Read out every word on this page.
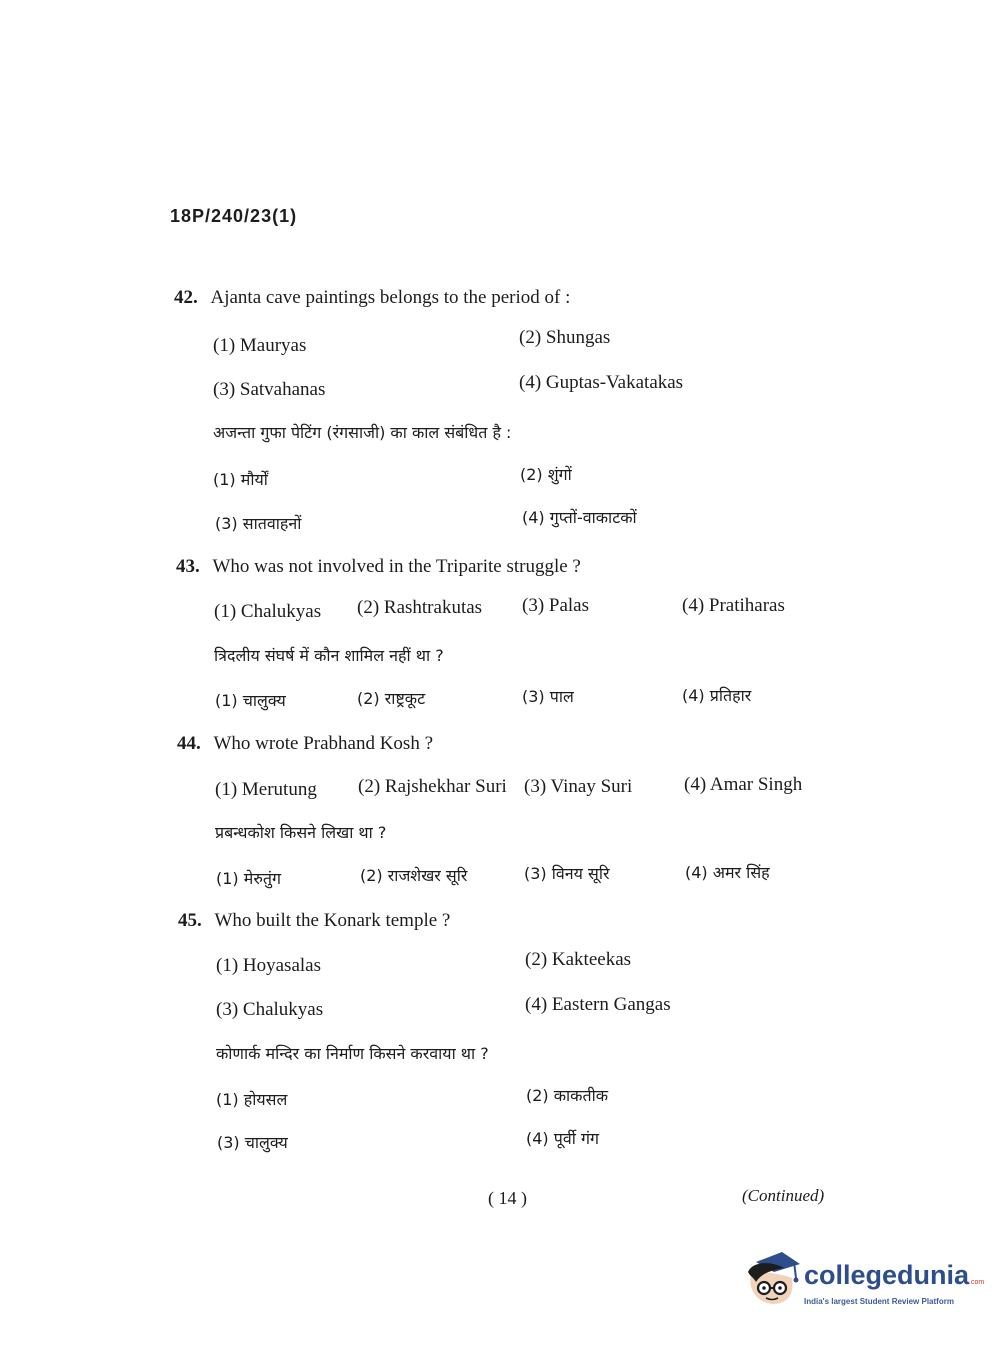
18P/240/23(1)
42. Ajanta cave paintings belongs to the period of :
(1) Mauryas	(2) Shungas
(3) Satvahanas	(4) Guptas-Vakatakas
अजन्ता गुफा पेटिंग (रंगसाजी) का काल संबंधित है :
(1) मौर्यों	(2) शुंगों
(3) सातवाहनों	(4) गुप्तों-वाकाटकों
43. Who was not involved in the Triparite struggle ?
(1) Chalukyas (2) Rashtrakutas (3) Palas	(4) Pratiharas
त्रिदलीय संघर्ष में कौन शामिल नहीं था ?
(1) चालुक्य	(2) राष्ट्रकूट	(3) पाल	(4) प्रतिहार
44. Who wrote Prabhand Kosh ?
(1) Merutung (2) Rajshekhar Suri (3) Vinay Suri	(4) Amar Singh
प्रबन्धकोश किसने लिखा था ?
(1) मेरुतुंग	(2) राजशेखर सूरि	(3) विनय सूरि	(4) अमर सिंह
45. Who built the Konark temple ?
(1) Hoyasalas	(2) Kakteekas
(3) Chalukyas	(4) Eastern Gangas
कोणार्क मन्दिर का निर्माण किसने करवाया था ?
(1) होयसल	(2) काकतीक
(3) चालुक्य	(4) पूर्वी गंग
( 14 )	(Continued)
collegedunia.com
India's largest Student Review Platform
